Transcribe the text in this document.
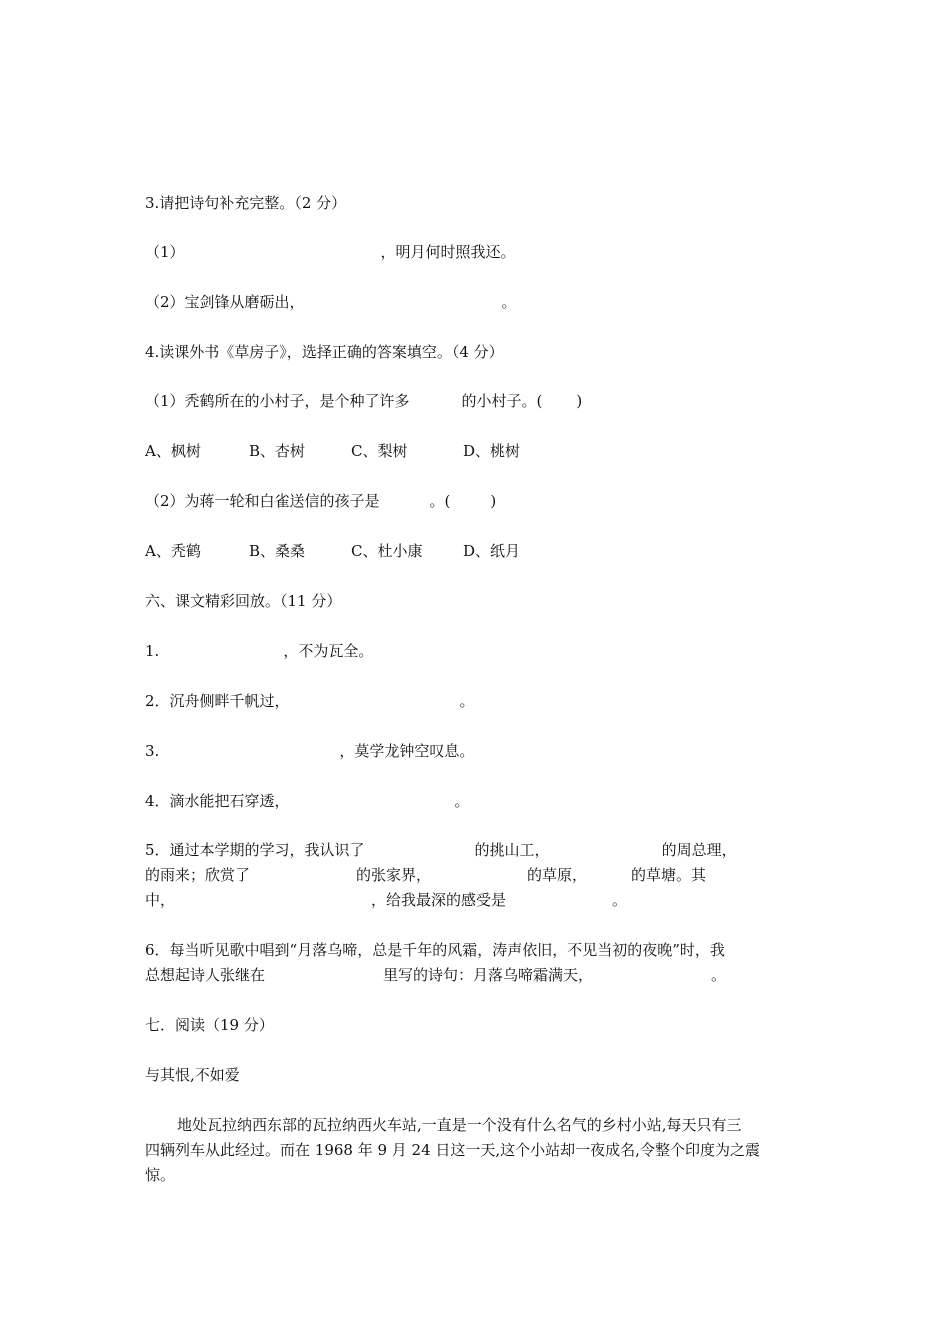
3.请把诗句补充完整。（2 分）
（1）	，明月何时照我还。
（2）宝剑锋从磨砺出，	。
4.读课外书《草房子》，选择正确的答案填空。（4 分）
（1）秃鹤所在的小村子，是个种了许多	的小村子。( )
A、枫树	B、杏树	C、梨树	D、桃树
（2）为蒋一轮和白雀送信的孩子是	。(	)
A、秃鹤	B、桑桑	C、杜小康	D、纸月
六、课文精彩回放。（11 分）
1.	，不为瓦全。
2．沉舟侧畔千帆过，	。
3.	，莫学龙钟空叹息。
4．滴水能把石穿透，	。
5．通过本学期的学习，我认识了	的挑山工，	的周总理，
的雨来；欣赏了	的张家界，	的草原，	的草塘。其
中，	，给我最深的感受是	。
6．每当听见歌中唱到“月落乌啼，总是千年的风霜，涛声依旧，不见当初的夜晚”时，我
总想起诗人张继在	里写的诗句：月落乌啼霜满天，	。
七．阅读（19 分）
与其恨,不如爱
地处瓦拉纳西东部的瓦拉纳西火车站,一直是一个没有什么名气的乡村小站,每天只有三
四辆列车从此经过。而在 1968 年 9 月 24 日这一天,这个小站却一夜成名,令整个印度为之震
惊。
